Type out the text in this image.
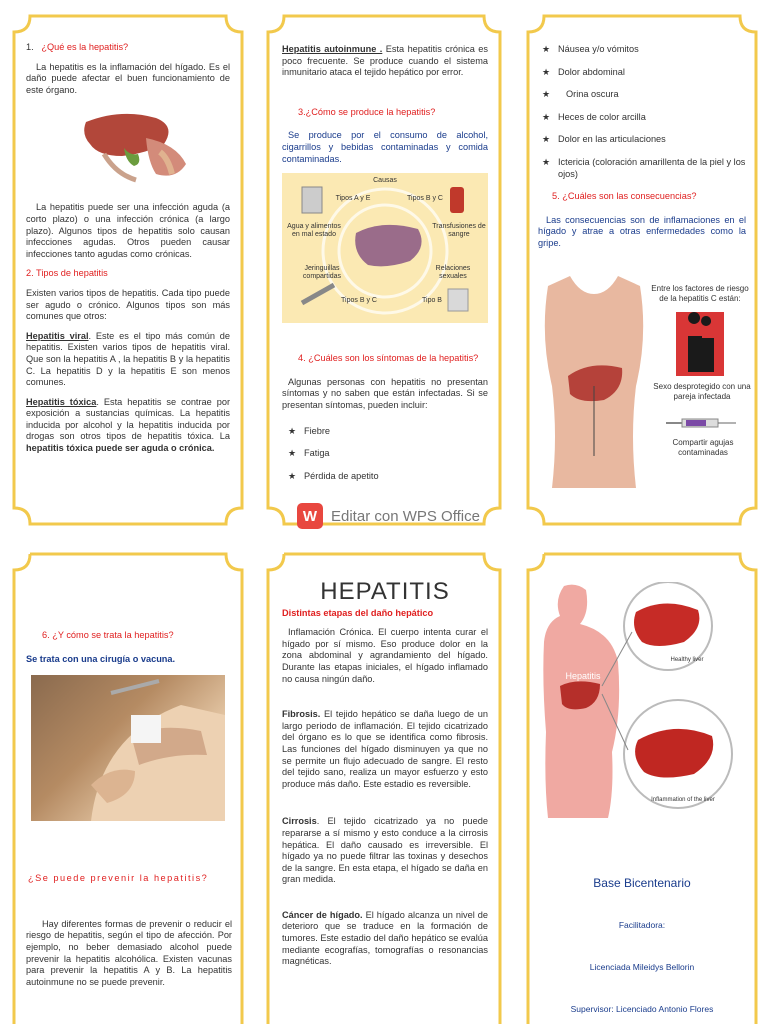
1. ¿Qué es la hepatitis?

La hepatitis es la inflamación del hígado. Es el daño puede afectar el buen funcionamiento de este órgano.

La hepatitis puede ser una infección aguda (a corto plazo) o una infección crónica (a largo plazo). Algunos tipos de hepatitis solo causan infecciones agudas. Otros pueden causar infecciones tanto agudas como crónicas.

2. Tipos de hepatitis

Existen varios tipos de hepatitis. Cada tipo puede ser agudo o crónico. Algunos tipos son más comunes que otros:

Hepatitis viral. Este es el tipo más común de hepatitis. Existen varios tipos de hepatitis viral. Que son la hepatitis A , la hepatitis B y la hepatitis C. La hepatitis D y la hepatitis E son menos comunes.

Hepatitis tóxica. Esta hepatitis se contrae por exposición a sustancias químicas. La hepatitis inducida por alcohol y la hepatitis inducida por drogas son otros tipos de hepatitis tóxica. La hepatitis tóxica puede ser aguda o crónica.

Hepatitis autoinmune . Esta hepatitis crónica es poco frecuente. Se produce cuando el sistema inmunitario ataca el tejido hepático por error.

3.¿Cómo se produce la hepatitis?

Se produce por el consumo de alcohol, cigarrillos y bebidas contaminadas y comida contaminadas.

Causas
Tipos A y E	Tipos B y C
Agua y alimentos en mal estado
Transfusiones de sangre
Jeringuillas compartidas
Relaciones sexuales
Tipos B y C	Tipo B
4. ¿Cuáles son los síntomas de la hepatitis?

Algunas personas con hepatitis no presentan síntomas y no saben que están infectadas. Si se presentan síntomas, pueden incluir:

★ Fiebre
★ Fatiga
★ Pérdida de apetito
W Editar con WPS Office
★ Náusea y/o vómitos
★ Dolor abdominal
★ Orina oscura
★ Heces de color arcilla
★ Dolor en las articulaciones
★ Ictericia (coloración amarillenta de la piel y los ojos)
5. ¿Cuáles son las consecuencias?

Las consecuencias son de inflamaciones en el hígado y atrae a otras enfermedades como la gripe.

Entre los factores de riesgo de la hepatitis C están:
Sexo desprotegido con una pareja infectada
Compartir agujas contaminadas
6. ¿Y cómo se trata la hepatitis?
Se trata con una cirugía o vacuna.
¿Se puede prevenir la hepatitis?

Hay diferentes formas de prevenir o reducir el riesgo de hepatitis, según el tipo de afección. Por ejemplo, no beber demasiado alcohol puede prevenir la hepatitis alcohólica. Existen vacunas para prevenir la hepatitis A y B. La hepatitis autoinmune no se puede prevenir.

HEPATITIS
Distintas etapas del daño hepático

Inflamación Crónica. El cuerpo intenta curar el hígado por sí mismo. Eso produce dolor en la zona abdominal y agrandamiento del hígado. Durante las etapas iniciales, el hígado inflamado no causa ningún daño.

Fibrosis. El tejido hepático se daña luego de un largo periodo de inflamación. El tejido cicatrizado del órgano es lo que se identifica como fibrosis. Las funciones del hígado disminuyen ya que no se permite un flujo adecuado de sangre. El resto del tejido sano, realiza un mayor esfuerzo y esto produce más daño. Este estadio es reversible.

Cirrosis. El tejido cicatrizado ya no puede repararse a sí mismo y esto conduce a la cirrosis hepática. El daño causado es irreversible. El hígado ya no puede filtrar las toxinas y desechos de la sangre. En esta etapa, el hígado se daña en gran medida.

Cáncer de hígado. El hígado alcanza un nivel de deterioro que se traduce en la formación de tumores. Este estadio del daño hepático se evalúa mediante ecografías, tomografías o resonancias magnéticas.

Hepatitis
Healthy liver
Inflammation of the liver
Base Bicentenario
Facilitadora:
Licenciada Mileidys Bellorin
Supervisor: Licenciado Antonio Flores
